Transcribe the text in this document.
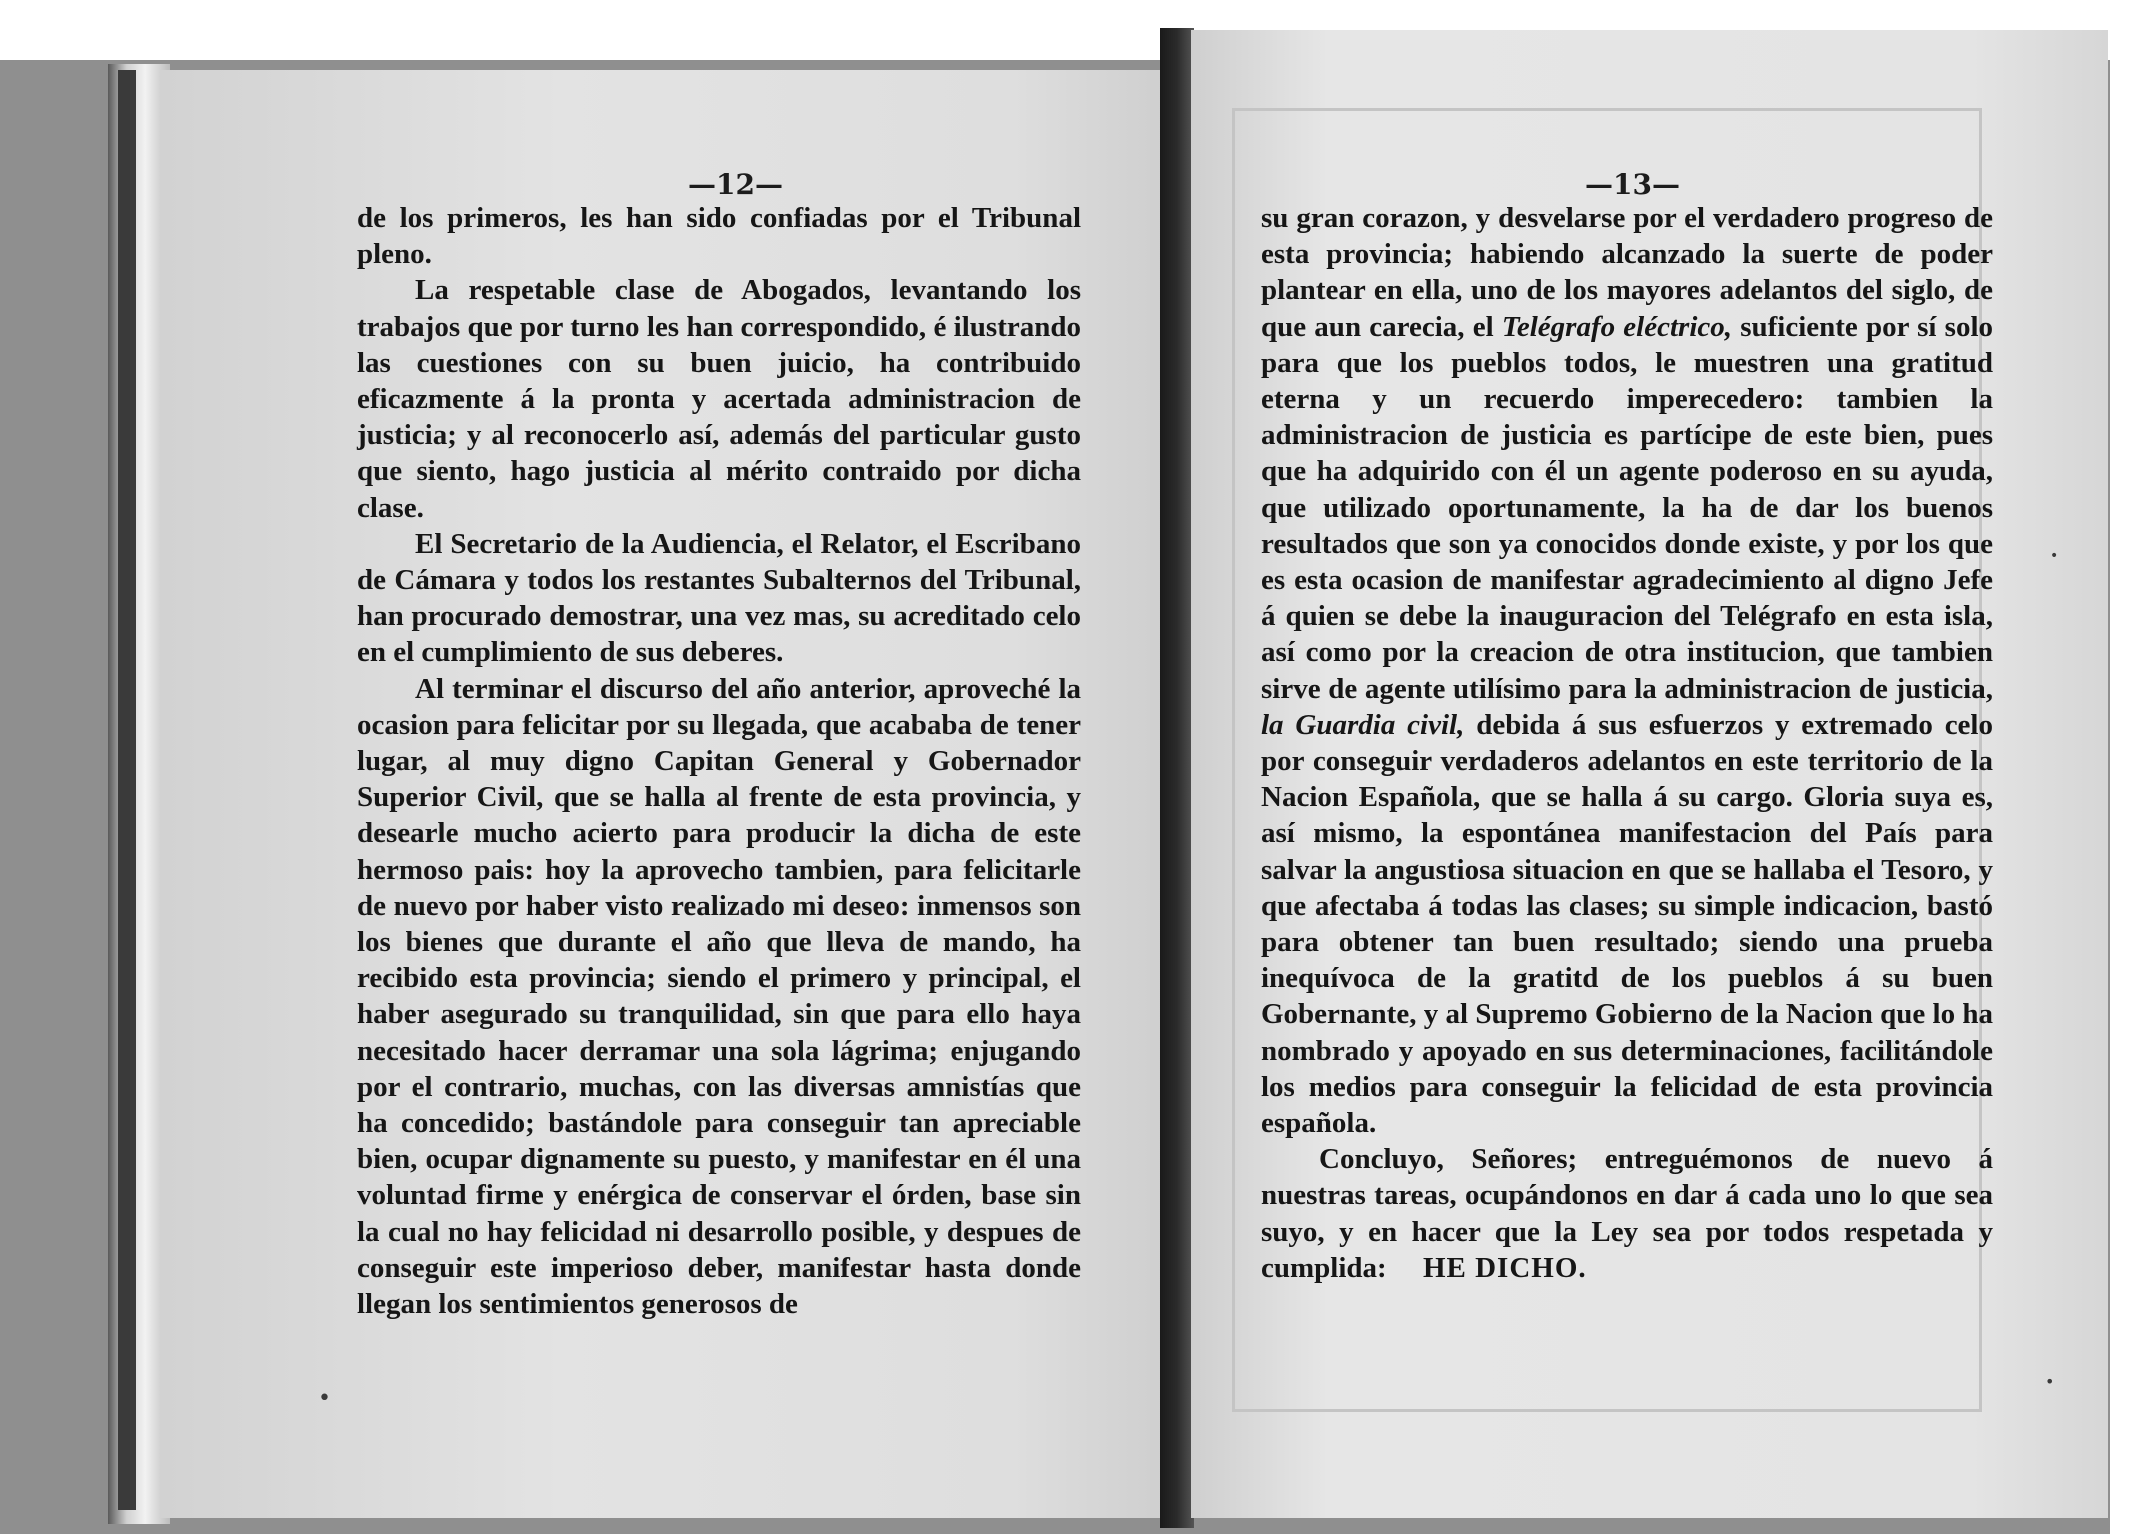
—12—	—13—

de los primeros, les han sido confiadas por el Tribunal pleno.

La respetable clase de Abogados, levantando los trabajos que por turno les han correspondido, é ilustrando las cuestiones con su buen juicio, ha contribuido eficazmente á la pronta y acertada administracion de justicia; y al reconocerlo así, además del particular gusto que siento, hago justicia al mérito contraido por dicha clase.

El Secretario de la Audiencia, el Relator, el Escribano de Cámara y todos los restantes Subalternos del Tribunal, han procurado demostrar, una vez mas, su acreditado celo en el cumplimiento de sus deberes.

Al terminar el discurso del año anterior, aproveché la ocasion para felicitar por su llegada, que acababa de tener lugar, al muy digno Capitan General y Gobernador Superior Civil, que se halla al frente de esta provincia, y desearle mucho acierto para producir la dicha de este hermoso pais: hoy la aprovecho tambien, para felicitarle de nuevo por haber visto realizado mi deseo: inmensos son los bienes que durante el año que lleva de mando, ha recibido esta provincia; siendo el primero y principal, el haber asegurado su tranquilidad, sin que para ello haya necesitado hacer derramar una sola lágrima; enjugando por el contrario, muchas, con las diversas amnistías que ha concedido; bastándole para conseguir tan apreciable bien, ocupar dignamente su puesto, y manifestar en él una voluntad firme y enérgica de conservar el órden, base sin la cual no hay felicidad ni desarrollo posible, y despues de conseguir este imperioso deber, manifestar hasta donde llegan los sentimientos generosos de

su gran corazon, y desvelarse por el verdadero progreso de esta provincia; habiendo alcanzado la suerte de poder plantear en ella, uno de los mayores adelantos del siglo, de que aun carecia, el Telégrafo eléctrico, suficiente por sí solo para que los pueblos todos, le muestren una gratitud eterna y un recuerdo imperecedero: tambien la administracion de justicia es partícipe de este bien, pues que ha adquirido con él un agente poderoso en su ayuda, que utilizado oportunamente, la ha de dar los buenos resultados que son ya conocidos donde existe, y por los que es esta ocasion de manifestar agradecimiento al digno Jefe á quien se debe la inauguracion del Telégrafo en esta isla, así como por la creacion de otra institucion, que tambien sirve de agente utilísimo para la administracion de justicia, la Guardia civil, debida á sus esfuerzos y extremado celo por conseguir verdaderos adelantos en este territorio de la Nacion Española, que se halla á su cargo. Gloria suya es, así mismo, la espontánea manifestacion del País para salvar la angustiosa situacion en que se hallaba el Tesoro, y que afectaba á todas las clases; su simple indicacion, bastó para obtener tan buen resultado; siendo una prueba inequívoca de la gratitd de los pueblos á su buen Gobernante, y al Supremo Gobierno de la Nacion que lo ha nombrado y apoyado en sus determinaciones, facilitándole los medios para conseguir la felicidad de esta provincia española.

Concluyo, Señores; entreguémonos de nuevo á nuestras tareas, ocupándonos en dar á cada uno lo que sea suyo, y en hacer que la Ley sea por todos respetada y cumplida: HE DICHO.

•
•
•
